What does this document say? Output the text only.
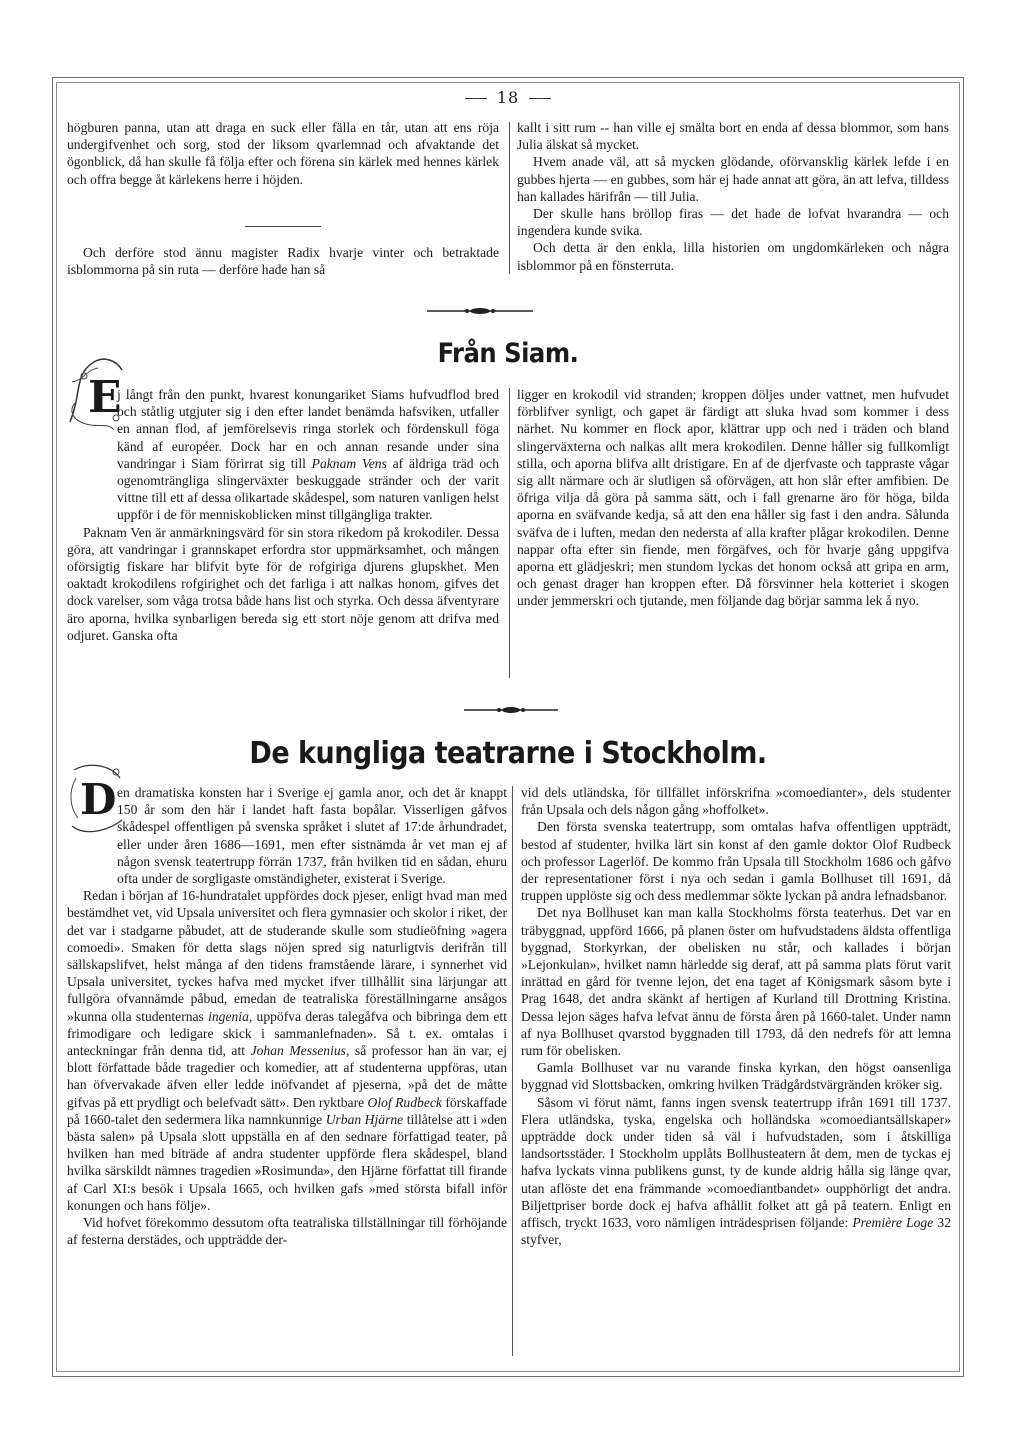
18

högburen panna, utan att draga en suck eller fälla en tår, utan att ens röja undergifvenhet och sorg, stod der liksom qvarlemnad och afvaktande det ögonblick, då han skulle få följa efter och förena sin kärlek med hennes kärlek och offra begge åt kärlekens herre i höjden.

Och derföre stod ännu magister Radix hvarje vinter och betraktade isblommorna på sin ruta — derföre hade han så

kallt i sitt rum -- han ville ej smälta bort en enda af dessa blommor, som hans Julia älskat så mycket.

Hvem anade väl, att så mycken glödande, oförvansklig kärlek lefde i en gubbes hjerta — en gubbes, som här ej hade annat att göra, än att lefva, tilldess han kallades härifrån — till Julia.

Der skulle hans bröllop firas — det hade de lofvat hvarandra — och ingendera kunde svika.

Och detta är den enkla, lilla historien om ungdomkärleken och några isblommor på en fönsterruta.

Från Siam.
E

j långt från den punkt, hvarest konungariket Siams hufvudflod bred och ståtlig utgjuter sig i den efter landet benämda hafsviken, utfaller en annan flod, af jemförelsevis ringa storlek och fördenskull föga känd af européer. Dock har en och annan resande under sina vandringar i Siam förirrat sig till Paknam Vens af äldriga träd och ogenomträngliga slingerväxter beskuggade stränder och der varit vittne till ett af dessa olikartade skådespel, som naturen vanligen helst uppför i de för menniskoblicken minst tillgängliga trakter.

Paknam Ven är anmärkningsvärd för sin stora rikedom på krokodiler. Dessa göra, att vandringar i grannskapet erfordra stor uppmärksamhet, och mången oförsigtig fiskare har blifvit byte för de rofgiriga djurens glupskhet. Men oaktadt krokodilens rofgirighet och det farliga i att nalkas honom, gifves det dock varelser, som våga trotsa både hans list och styrka. Och dessa äfventyrare äro aporna, hvilka synbarligen bereda sig ett stort nöje genom att drifva med odjuret. Ganska ofta

ligger en krokodil vid stranden; kroppen döljes under vattnet, men hufvudet förblifver synligt, och gapet är färdigt att sluka hvad som kommer i dess närhet. Nu kommer en flock apor, klättrar upp och ned i träden och bland slingerväxterna och nalkas allt mera krokodilen. Denne håller sig fullkomligt stilla, och aporna blifva allt dristigare. En af de djerfvaste och tappraste vågar sig allt närmare och är slutligen så oförvägen, att hon slår efter amfibien. De öfriga vilja då göra på samma sätt, och i fall grenarne äro för höga, bilda aporna en sväfvande kedja, så att den ena håller sig fast i den andra. Sålunda sväfva de i luften, medan den nedersta af alla krafter plågar krokodilen. Denne nappar ofta efter sin fiende, men förgäfves, och för hvarje gång uppgifva aporna ett glädjeskri; men stundom lyckas det honom också att gripa en arm, och genast drager han kroppen efter. Då försvinner hela kotteriet i skogen under jemmerskri och tjutande, men följande dag börjar samma lek å nyo.

De kungliga teatrarne i Stockholm.
D en dramatiska konsten har i Sverige ej gamla anor, och det är knappt 150 år som den här i landet haft fasta bopålar. Visserligen gåfvos skådespel offentligen på svenska språket i slutet af 17:de århundradet, eller under åren 1686—1691, men efter sistnämda år vet man ej af någon svensk teatertrupp förrän 1737, från hvilken tid en sådan, ehuru ofta under de sorgligaste omständigheter, existerat i Sverige.

Redan i början af 16-hundratalet uppfördes dock pjeser, enligt hvad man med bestämdhet vet, vid Upsala universitet och flera gymnasier och skolor i riket, der det var i stadgarne påbudet, att de studerande skulle som studieöfning »agera comoedi». Smaken för detta slags nöjen spred sig naturligtvis derifrån till sällskapslifvet, helst många af den tidens framstående lärare, i synnerhet vid Upsala universitet, tyckes hafva med mycket ifver tillhållit sina lärjungar att fullgöra ofvannämde påbud, emedan de teatraliska föreställningarne ansågos »kunna olla studenternas ingenia, uppöfva deras talegåfva och bibringa dem ett frimodigare och ledigare skick i sammanlefnaden». Så t. ex. omtalas i anteckningar från denna tid, att Johan Messenius, så professor han än var, ej blott författade både tragedier och komedier, att af studenterna uppföras, utan han öfvervakade äfven eller ledde inöfvandet af pjeserna, »på det de måtte gifvas på ett prydligt och belefvadt sätt». Den ryktbare Olof Rudbeck förskaffade på 1660-talet den sedermera lika namnkunnige Urban Hjärne tillåtelse att i »den bästa salen» på Upsala slott uppställa en af den sednare författigad teater, på hvilken han med biträde af andra studenter uppförde flera skådespel, bland hvilka särskildt nämnes tragedien »Rosimunda», den Hjärne författat till firande af Carl XI:s besök i Upsala 1665, och hvilken gafs »med största bifall inför konungen och hans följe».

Vid hofvet förekommo dessutom ofta teatraliska tillställningar till förhöjande af festerna derstädes, och uppträdde der-

vid dels utländska, för tillfället införskrifna »comoedianter», dels studenter från Upsala och dels någon gång »hoffolket».

Den första svenska teatertrupp, som omtalas hafva offentligen uppträdt, bestod af studenter, hvilka lärt sin konst af den gamle doktor Olof Rudbeck och professor Lagerlöf. De kommo från Upsala till Stockholm 1686 och gåfvo der representationer först i nya och sedan i gamla Bollhuset till 1691, då truppen upplöste sig och dess medlemmar sökte lyckan på andra lefnadsbanor.

Det nya Bollhuset kan man kalla Stockholms första teaterhus. Det var en träbyggnad, uppförd 1666, på planen öster om hufvudstadens äldsta offentliga byggnad, Storkyrkan, der obelisken nu står, och kallades i början »Lejonkulan», hvilket namn härledde sig deraf, att på samma plats förut varit inrättad en gård för tvenne lejon, det ena taget af Königsmark såsom byte i Prag 1648, det andra skänkt af hertigen af Kurland till Drottning Kristina. Dessa lejon säges hafva lefvat ännu de första åren på 1660-talet. Under namn af nya Bollhuset qvarstod byggnaden till 1793, då den nedrefs för att lemna rum för obelisken.

Gamla Bollhuset var nu varande finska kyrkan, den högst oansenliga byggnad vid Slottsbacken, omkring hvilken Trädgårdstvärgränden kröker sig.

Såsom vi förut nämt, fanns ingen svensk teatertrupp ifrån 1691 till 1737. Flera utländska, tyska, engelska och holländska »comoediantsällskaper» uppträdde dock under tiden så väl i hufvudstaden, som i åtskilliga landsortsstäder. I Stockholm upplåts Bollhusteatern åt dem, men de tyckas ej hafva lyckats vinna publikens gunst, ty de kunde aldrig hålla sig länge qvar, utan aflöste det ena främmande »comoediantbandet» oupphörligt det andra. Biljettpriser borde dock ej hafva afhållit folket att gå på teatern. Enligt en affisch, tryckt 1633, voro nämligen inträdesprisen följande: Première Loge 32 styfver,
